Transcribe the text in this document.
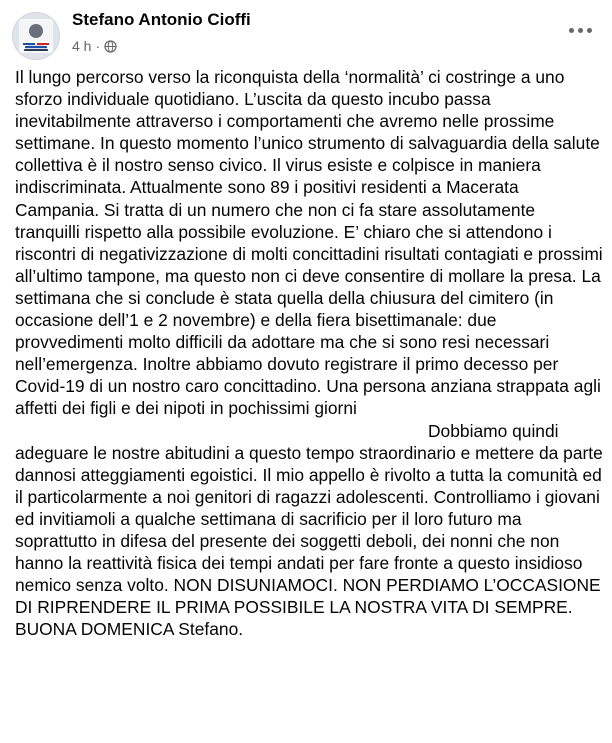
Stefano Antonio Cioffi
4 h ·

Il lungo percorso verso la riconquista della ‘normalità’ ci costringe a uno sforzo individuale quotidiano. L’uscita da questo incubo passa inevitabilmente attraverso i comportamenti che avremo nelle prossime settimane. In questo momento l’unico strumento di salvaguardia della salute collettiva è il nostro senso civico. Il virus esiste e colpisce in maniera indiscriminata. Attualmente sono 89 i positivi residenti a Macerata Campania. Si tratta di un numero che non ci fa stare assolutamente tranquilli rispetto alla possibile evoluzione. E’ chiaro che si attendono i riscontri di negativizzazione di molti concittadini risultati contagiati e prossimi all’ultimo tampone, ma questo non ci deve consentire di mollare la presa. La settimana che si conclude è stata quella della chiusura del cimitero (in occasione dell’1 e 2 novembre) e della fiera bisettimanale: due provvedimenti molto difficili da adottare ma che si sono resi necessari nell’emergenza. Inoltre abbiamo dovuto registrare il primo decesso per Covid-19 di un nostro caro concittadino. Una persona anziana strappata agli affetti dei figli e dei nipoti in pochissimi giorni

Dobbiamo quindi

adeguare le nostre abitudini a questo tempo straordinario e mettere da parte dannosi atteggiamenti egoistici. Il mio appello è rivolto a tutta la comunità ed il particolarmente a noi genitori di ragazzi adolescenti. Controlliamo i giovani ed invitiamoli a qualche settimana di sacrificio per il loro futuro ma soprattutto in difesa del presente dei soggetti deboli, dei nonni che non hanno la reattività fisica dei tempi andati per fare fronte a questo insidioso nemico senza volto. NON DISUNIAMOCI. NON PERDIAMO L’OCCASIONE DI RIPRENDERE IL PRIMA POSSIBILE LA NOSTRA VITA DI SEMPRE. BUONA DOMENICA Stefano.
